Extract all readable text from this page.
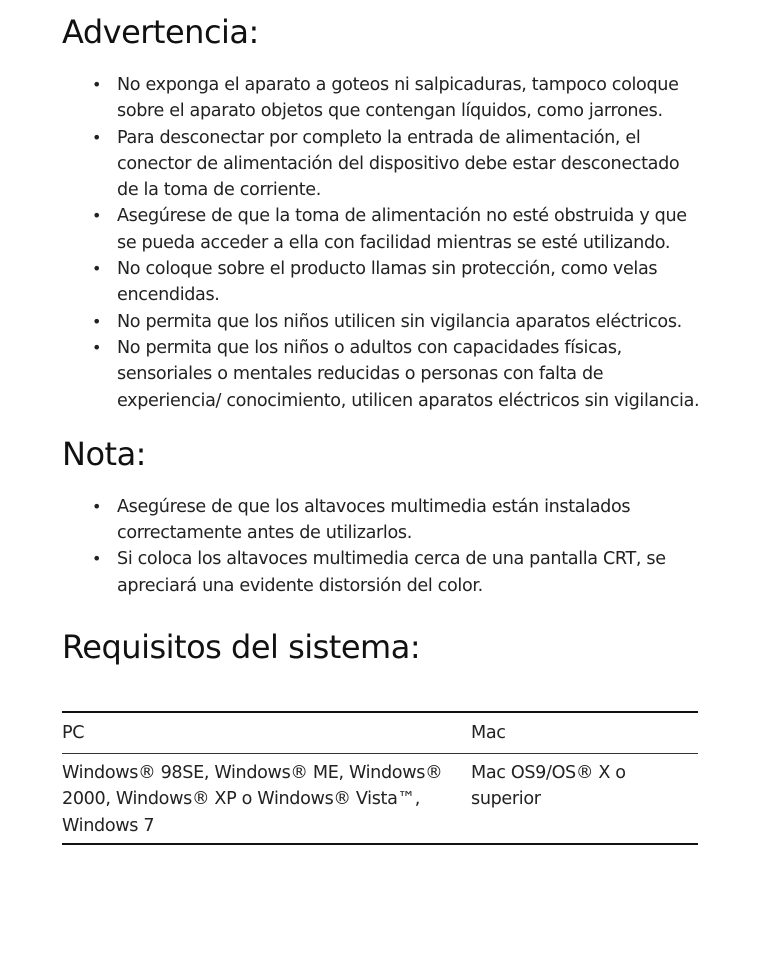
Advertencia:
• No exponga el aparato a goteos ni salpicaduras, tampoco coloque sobre el aparato objetos que contengan líquidos, como jarrones.
• Para desconectar por completo la entrada de alimentación, el conector de alimentación del dispositivo debe estar desconectado de la toma de corriente.
• Asegúrese de que la toma de alimentación no esté obstruida y que se pueda acceder a ella con facilidad mientras se esté utilizando.
• No coloque sobre el producto llamas sin protección, como velas encendidas.
• No permita que los niños utilicen sin vigilancia aparatos eléctricos.
• No permita que los niños o adultos con capacidades físicas, sensoriales o mentales reducidas o personas con falta de experiencia/ conocimiento, utilicen aparatos eléctricos sin vigilancia.
Nota:
• Asegúrese de que los altavoces multimedia están instalados correctamente antes de utilizarlos.
• Si coloca los altavoces multimedia cerca de una pantalla CRT, se apreciará una evidente distorsión del color.
Requisitos del sistema:
PC	Mac
Windows® 98SE, Windows® ME, Windows® 2000, Windows® XP o Windows® Vista™, Windows 7	Mac OS9/OS® X o superior
